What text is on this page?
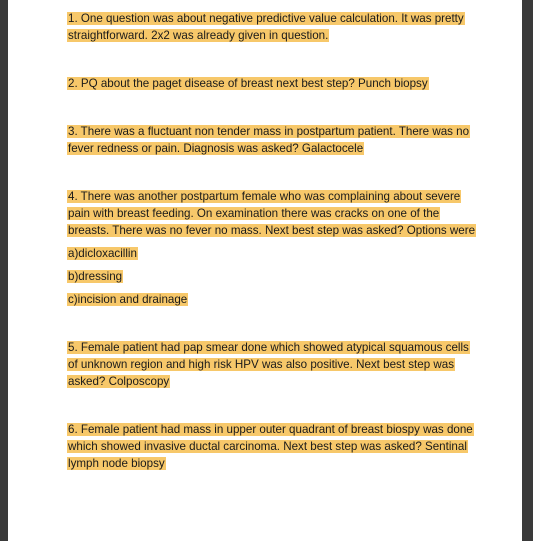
1. One question was about negative predictive value calculation. It was pretty straightforward. 2x2 was already given in question.

2. PQ about the paget disease of breast next best step? Punch biopsy

3. There was a fluctuant non tender mass in postpartum patient. There was no fever redness or pain. Diagnosis was asked? Galactocele

4. There was another postpartum female who was complaining about severe pain with breast feeding. On examination there was cracks on one of the breasts. There was no fever no mass. Next best step was asked? Options were

a)dicloxacillin

b)dressing

c)incision and drainage

5. Female patient had pap smear done which showed atypical squamous cells of unknown region and high risk HPV was also positive. Next best step was asked? Colposcopy

6. Female patient had mass in upper outer quadrant of breast biospy was done which showed invasive ductal carcinoma. Next best step was asked? Sentinal lymph node biopsy
